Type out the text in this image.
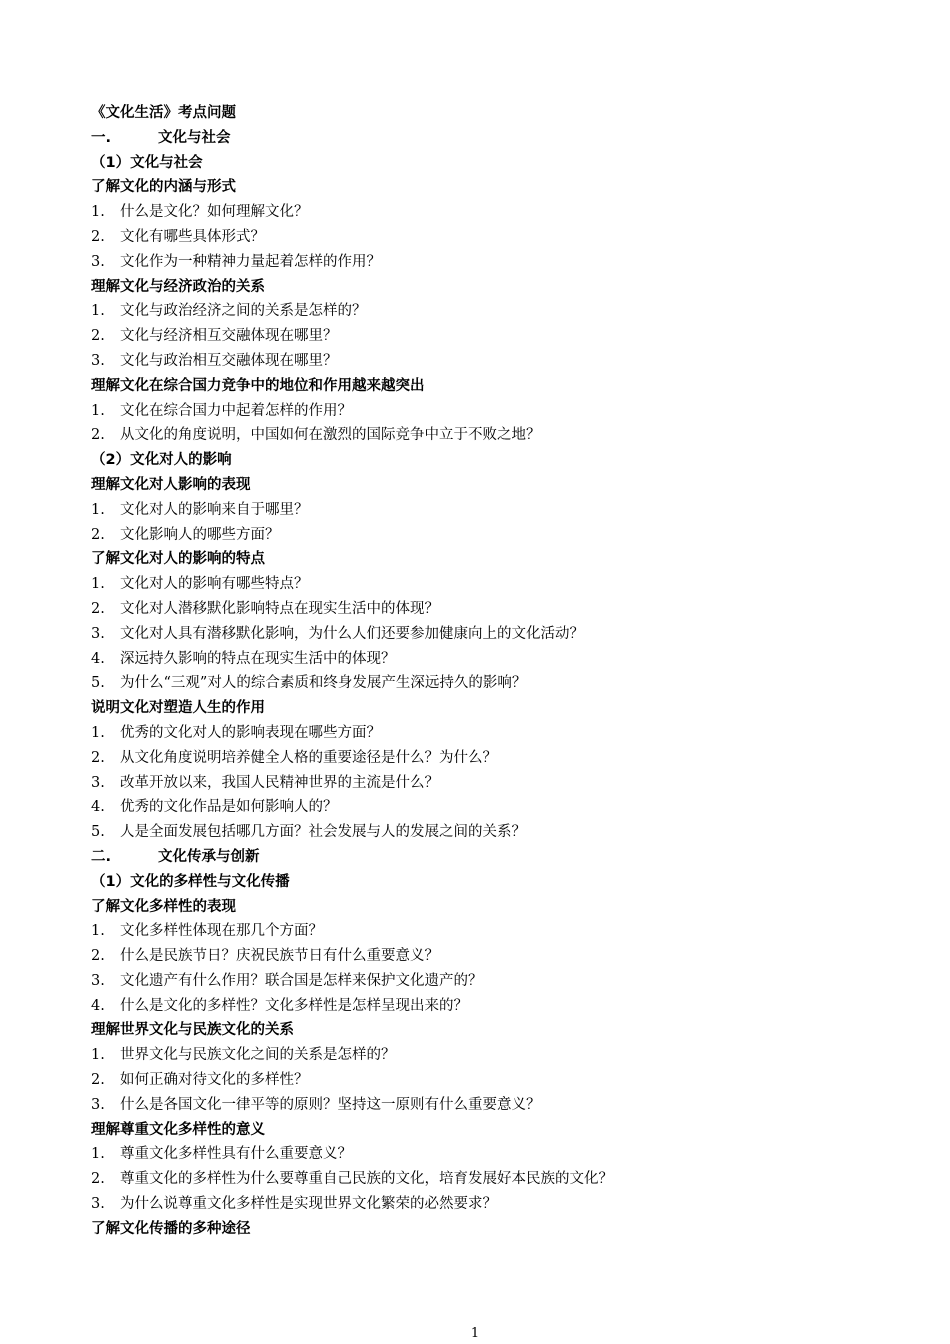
《文化生活》考点问题
一.	文化与社会
（1）文化与社会
了解文化的内涵与形式
1. 什么是文化？如何理解文化？
2. 文化有哪些具体形式？
3. 文化作为一种精神力量起着怎样的作用？
理解文化与经济政治的关系
1. 文化与政治经济之间的关系是怎样的？
2. 文化与经济相互交融体现在哪里？
3. 文化与政治相互交融体现在哪里？
理解文化在综合国力竞争中的地位和作用越来越突出
1. 文化在综合国力中起着怎样的作用？
2. 从文化的角度说明，中国如何在激烈的国际竞争中立于不败之地？
（2）文化对人的影响
理解文化对人影响的表现
1. 文化对人的影响来自于哪里？
2. 文化影响人的哪些方面？
了解文化对人的影响的特点
1. 文化对人的影响有哪些特点？
2. 文化对人潜移默化影响特点在现实生活中的体现？
3. 文化对人具有潜移默化影响，为什么人们还要参加健康向上的文化活动？
4. 深远持久影响的特点在现实生活中的体现？
5. 为什么“三观”对人的综合素质和终身发展产生深远持久的影响？
说明文化对塑造人生的作用
1. 优秀的文化对人的影响表现在哪些方面？
2. 从文化角度说明培养健全人格的重要途径是什么？为什么？
3. 改革开放以来，我国人民精神世界的主流是什么？
4. 优秀的文化作品是如何影响人的？
5. 人是全面发展包括哪几方面？社会发展与人的发展之间的关系？
二.	文化传承与创新
（1）文化的多样性与文化传播
了解文化多样性的表现
1. 文化多样性体现在那几个方面？
2. 什么是民族节日？庆祝民族节日有什么重要意义？
3. 文化遗产有什么作用？联合国是怎样来保护文化遗产的？
4. 什么是文化的多样性？文化多样性是怎样呈现出来的？
理解世界文化与民族文化的关系
1. 世界文化与民族文化之间的关系是怎样的？
2. 如何正确对待文化的多样性？
3. 什么是各国文化一律平等的原则？坚持这一原则有什么重要意义？
理解尊重文化多样性的意义
1. 尊重文化多样性具有什么重要意义？
2. 尊重文化的多样性为什么要尊重自己民族的文化，培育发展好本民族的文化？
3. 为什么说尊重文化多样性是实现世界文化繁荣的必然要求？
了解文化传播的多种途径
1
